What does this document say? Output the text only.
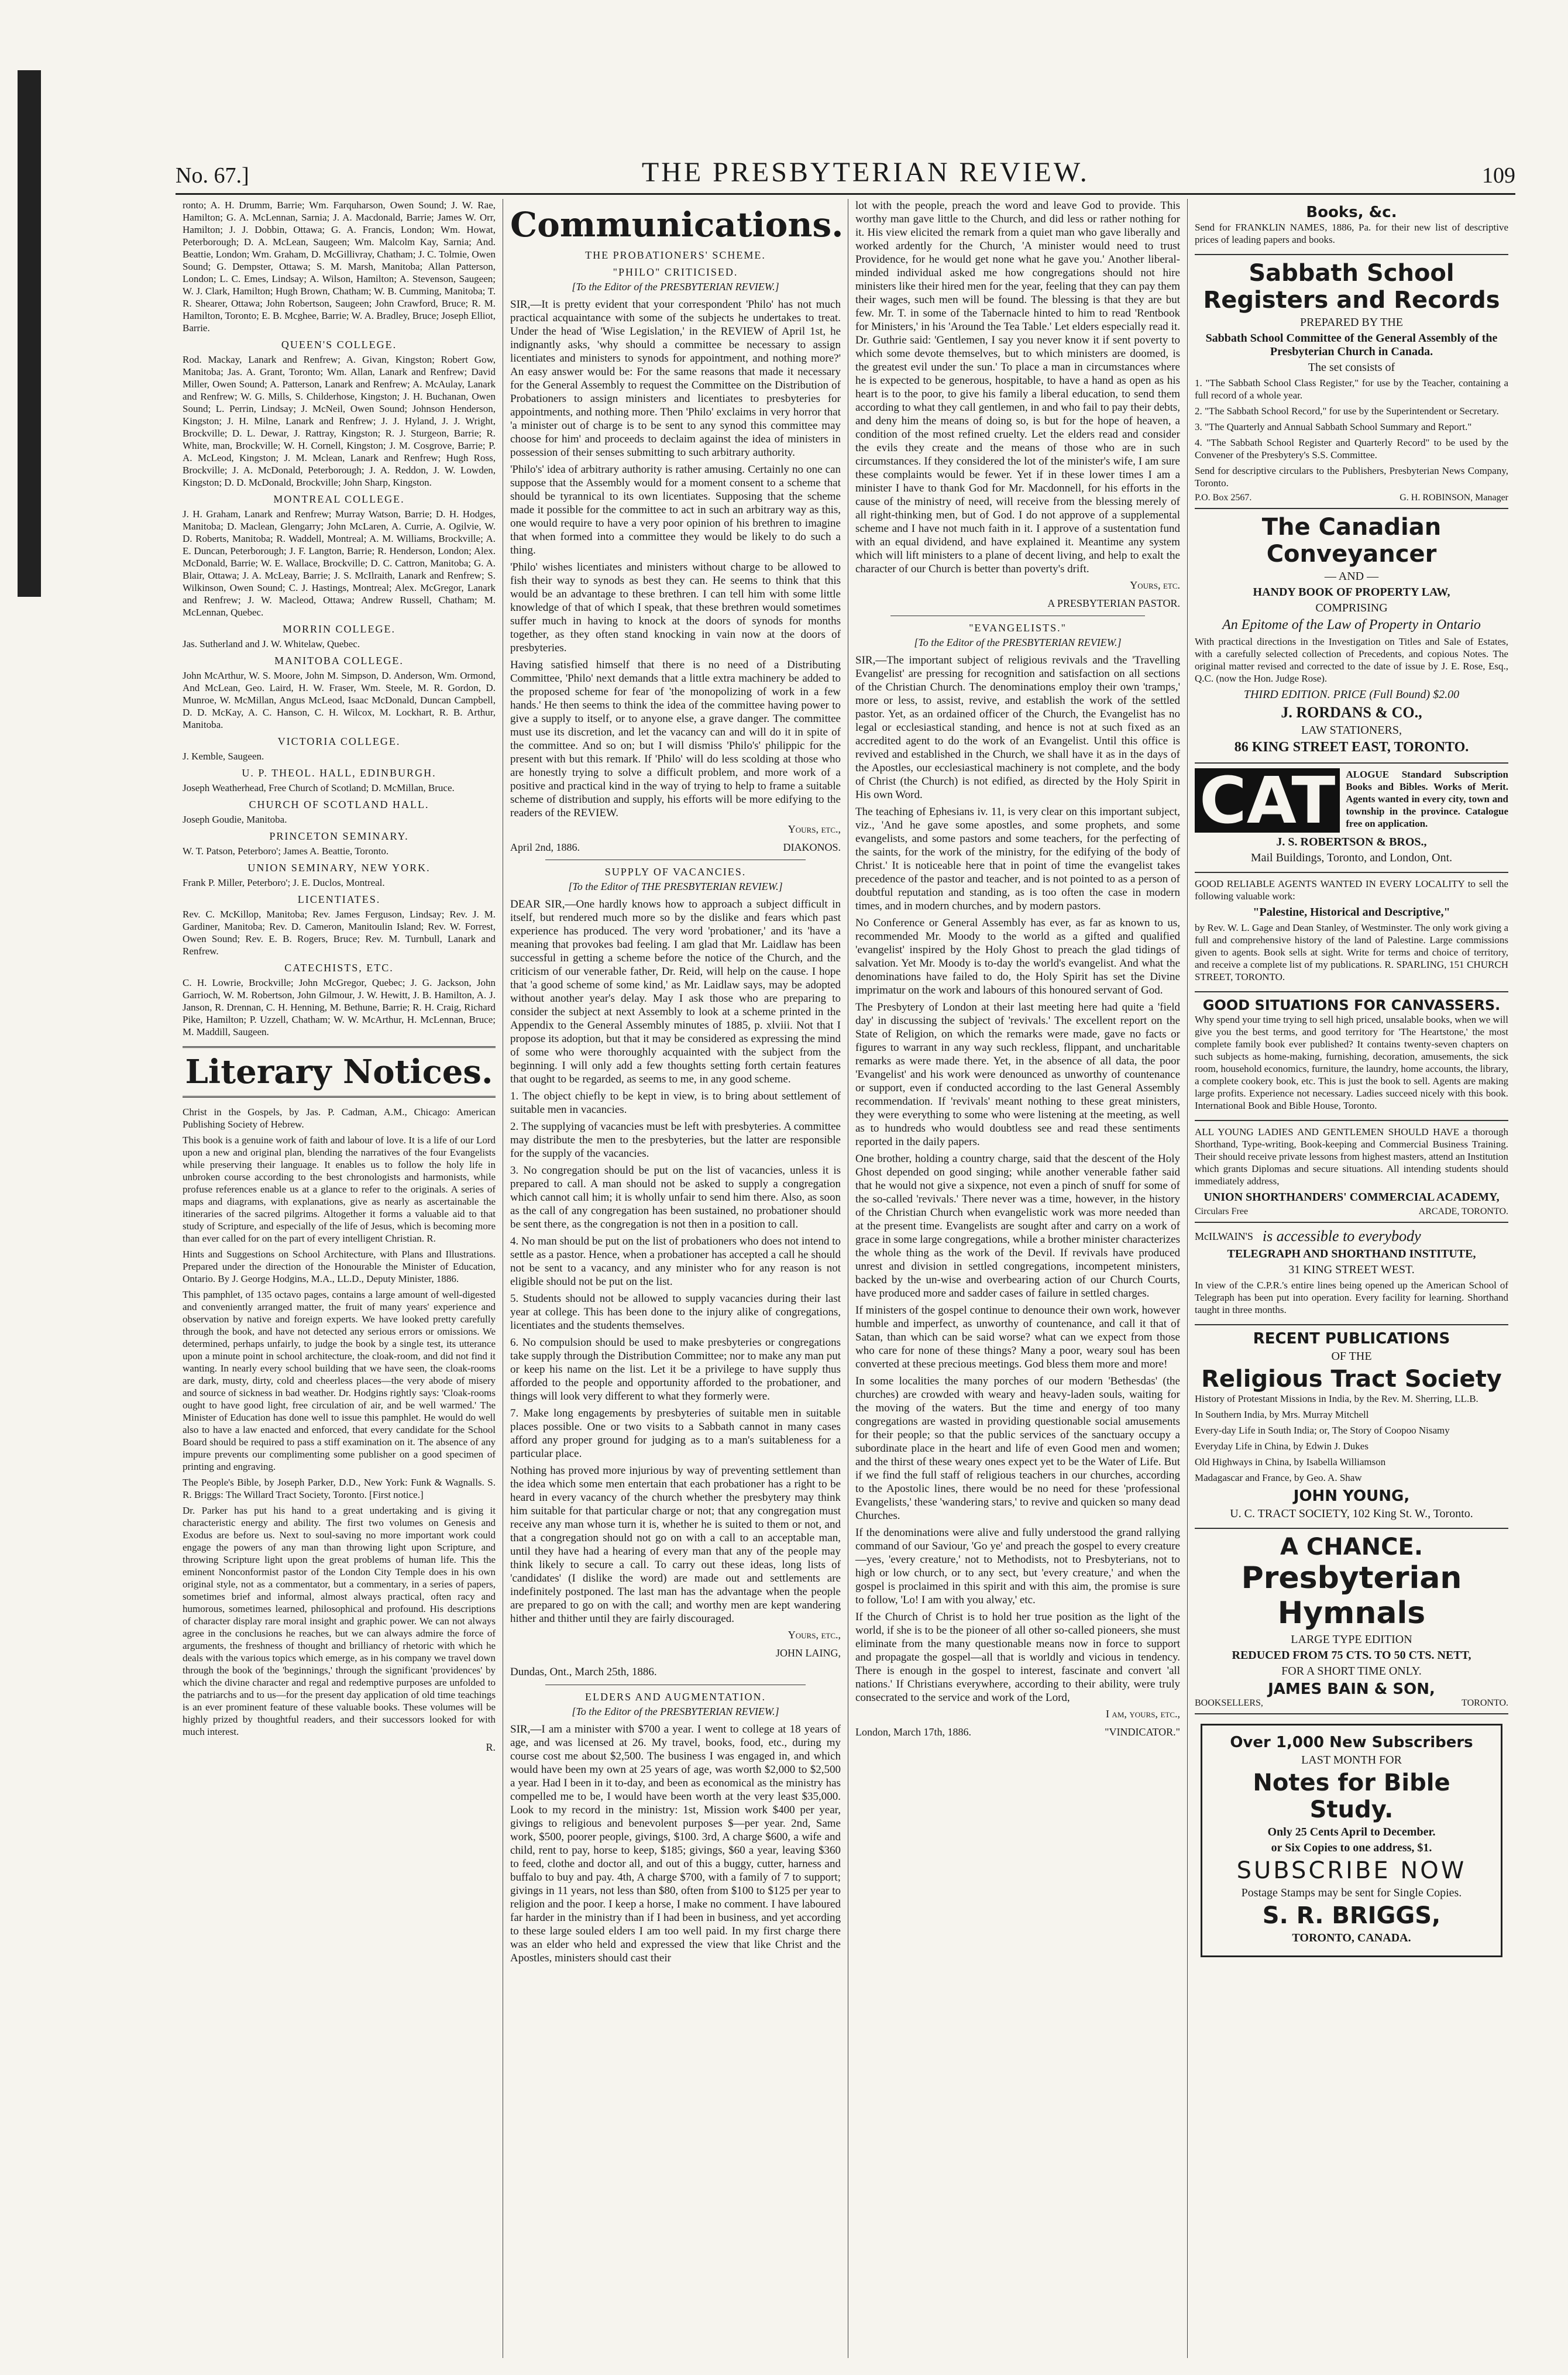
No. 67.]	THE PRESBYTERIAN REVIEW.	109

ronto; A. H. Drumm, Barrie; Wm. Farquharson, Owen Sound; J. W. Rae, Hamilton; G. A. McLennan, Sarnia; J. A. Macdonald, Barrie; James W. Orr, Hamilton; J. J. Dobbin, Ottawa; G. A. Francis, London; Wm. Howat, Peterborough; D. A. McLean, Saugeen; Wm. Malcolm Kay, Sarnia; And. Beattie, London; Wm. Graham, D. McGillivray, Chatham; J. C. Tolmie, Owen Sound; G. Dempster, Ottawa; S. M. Marsh, Manitoba; Allan Patterson, London; L. C. Emes, Lindsay; A. Wilson, Hamilton; A. Stevenson, Saugeen; W. J. Clark, Hamilton; Hugh Brown, Chatham; W. B. Cumming, Manitoba; T. R. Shearer, Ottawa; John Robertson, Saugeen; John Crawford, Bruce; R. M. Hamilton, Toronto; E. B. Mcghee, Barrie; W. A. Bradley, Bruce; Joseph Elliot, Barrie.

QUEEN'S COLLEGE.

Rod. Mackay, Lanark and Renfrew; A. Givan, Kingston; Robert Gow, Manitoba; Jas. A. Grant, Toronto; Wm. Allan, Lanark and Renfrew; David Miller, Owen Sound; A. Patterson, Lanark and Renfrew; A. McAulay, Lanark and Renfrew; W. G. Mills, S. Childerhose, Kingston; J. H. Buchanan, Owen Sound; L. Perrin, Lindsay; J. McNeil, Owen Sound; Johnson Henderson, Kingston; J. H. Milne, Lanark and Renfrew; J. J. Hyland, J. J. Wright, Brockville; D. L. Dewar, J. Rattray, Kingston; R. J. Sturgeon, Barrie; R. White, man, Brockville; W. H. Cornell, Kingston; J. M. Cosgrove, Barrie; P. A. McLeod, Kingston; J. M. Mclean, Lanark and Renfrew; Hugh Ross, Brockville; J. A. McDonald, Peterborough; J. A. Reddon, J. W. Lowden, Kingston; D. D. McDonald, Brockville; John Sharp, Kingston.

MONTREAL COLLEGE.

J. H. Graham, Lanark and Renfrew; Murray Watson, Barrie; D. H. Hodges, Manitoba; D. Maclean, Glengarry; John McLaren, A. Currie, A. Ogilvie, W. D. Roberts, Manitoba; R. Waddell, Montreal; A. M. Williams, Brockville; A. E. Duncan, Peterborough; J. F. Langton, Barrie; R. Henderson, London; Alex. McDonald, Barrie; W. E. Wallace, Brockville; D. C. Cattron, Manitoba; G. A. Blair, Ottawa; J. A. McLeay, Barrie; J. S. McIlraith, Lanark and Renfrew; S. Wilkinson, Owen Sound; C. J. Hastings, Montreal; Alex. McGregor, Lanark and Renfrew; J. W. Macleod, Ottawa; Andrew Russell, Chatham; M. McLennan, Quebec.

MORRIN COLLEGE.

Jas. Sutherland and J. W. Whitelaw, Quebec.

MANITOBA COLLEGE.

John McArthur, W. S. Moore, John M. Simpson, D. Anderson, Wm. Ormond, And McLean, Geo. Laird, H. W. Fraser, Wm. Steele, M. R. Gordon, D. Munroe, W. McMillan, Angus McLeod, Isaac McDonald, Duncan Campbell, D. D. McKay, A. C. Hanson, C. H. Wilcox, M. Lockhart, R. B. Arthur, Manitoba.

VICTORIA COLLEGE.

J. Kemble, Saugeen.

U. P. THEOL. HALL, EDINBURGH.

Joseph Weatherhead, Free Church of Scotland; D. McMillan, Bruce.

CHURCH OF SCOTLAND HALL.

Joseph Goudie, Manitoba.

PRINCETON SEMINARY.

W. T. Patson, Peterboro'; James A. Beattie, Toronto.

UNION SEMINARY, NEW YORK.

Frank P. Miller, Peterboro'; J. E. Duclos, Montreal.

LICENTIATES.

Rev. C. McKillop, Manitoba; Rev. James Ferguson, Lindsay; Rev. J. M. Gardiner, Manitoba; Rev. D. Cameron, Manitoulin Island; Rev. W. Forrest, Owen Sound; Rev. E. B. Rogers, Bruce; Rev. M. Turnbull, Lanark and Renfrew.

CATECHISTS, ETC.

C. H. Lowrie, Brockville; John McGregor, Quebec; J. G. Jackson, John Garrioch, W. M. Robertson, John Gilmour, J. W. Hewitt, J. B. Hamilton, A. J. Janson, R. Drennan, C. H. Henning, M. Bethune, Barrie; R. H. Craig, Richard Pike, Hamilton; P. Uzzell, Chatham; W. W. McArthur, H. McLennan, Bruce; M. Maddill, Saugeen.

Literary Notices.

Christ in the Gospels, by Jas. P. Cadman, A.M., Chicago: American Publishing Society of Hebrew.

This book is a genuine work of faith and labour of love. It is a life of our Lord upon a new and original plan, blending the narratives of the four Evangelists while preserving their language. It enables us to follow the holy life in unbroken course according to the best chronologists and harmonists, while profuse references enable us at a glance to refer to the originals. A series of maps and diagrams, with explanations, give as nearly as ascertainable the itineraries of the sacred pilgrims. Altogether it forms a valuable aid to that study of Scripture, and especially of the life of Jesus, which is becoming more than ever called for on the part of every intelligent Christian. R.

Hints and Suggestions on School Architecture, with Plans and Illustrations. Prepared under the direction of the Honourable the Minister of Education, Ontario. By J. George Hodgins, M.A., LL.D., Deputy Minister, 1886.

This pamphlet, of 135 octavo pages, contains a large amount of well-digested and conveniently arranged matter, the fruit of many years' experience and observation by native and foreign experts. We have looked pretty carefully through the book, and have not detected any serious errors or omissions. We determined, perhaps unfairly, to judge the book by a single test, its utterance upon a minute point in school architecture, the cloak-room, and did not find it wanting. In nearly every school building that we have seen, the cloak-rooms are dark, musty, dirty, cold and cheerless places—the very abode of misery and source of sickness in bad weather. Dr. Hodgins rightly says: 'Cloak-rooms ought to have good light, free circulation of air, and be well warmed.' The Minister of Education has done well to issue this pamphlet. He would do well also to have a law enacted and enforced, that every candidate for the School Board should be required to pass a stiff examination on it. The absence of any impure prevents our complimenting some publisher on a good specimen of printing and engraving.

The People's Bible, by Joseph Parker, D.D., New York: Funk & Wagnalls. S. R. Briggs: The Willard Tract Society, Toronto. [First notice.]

Dr. Parker has put his hand to a great undertaking and is giving it characteristic energy and ability. The first two volumes on Genesis and Exodus are before us. Next to soul-saving no more important work could engage the powers of any man than throwing light upon Scripture, and throwing Scripture light upon the great problems of human life. This the eminent Nonconformist pastor of the London City Temple does in his own original style, not as a commentator, but a commentary, in a series of papers, sometimes brief and informal, almost always practical, often racy and humorous, sometimes learned, philosophical and profound. His descriptions of character display rare moral insight and graphic power. We can not always agree in the conclusions he reaches, but we can always admire the force of arguments, the freshness of thought and brilliancy of rhetoric with which he deals with the various topics which emerge, as in his company we travel down through the book of the 'beginnings,' through the significant 'providences' by which the divine character and regal and redemptive purposes are unfolded to the patriarchs and to us—for the present day application of old time teachings is an ever prominent feature of these valuable books. These volumes will be highly prized by thoughtful readers, and their successors looked for with much interest.

R.
Communications.
THE PROBATIONERS' SCHEME.
"PHILO" CRITICISED.
[To the Editor of the PRESBYTERIAN REVIEW.]

SIR,—It is pretty evident that your correspondent 'Philo' has not much practical acquaintance with some of the subjects he undertakes to treat. Under the head of 'Wise Legislation,' in the REVIEW of April 1st, he indignantly asks, 'why should a committee be necessary to assign licentiates and ministers to synods for appointment, and nothing more?' An easy answer would be: For the same reasons that made it necessary for the General Assembly to request the Committee on the Distribution of Probationers to assign ministers and licentiates to presbyteries for appointments, and nothing more. Then 'Philo' exclaims in very horror that 'a minister out of charge is to be sent to any synod this committee may choose for him' and proceeds to declaim against the idea of ministers in possession of their senses submitting to such arbitrary authority.

'Philo's' idea of arbitrary authority is rather amusing. Certainly no one can suppose that the Assembly would for a moment consent to a scheme that should be tyrannical to its own licentiates. Supposing that the scheme made it possible for the committee to act in such an arbitrary way as this, one would require to have a very poor opinion of his brethren to imagine that when formed into a committee they would be likely to do such a thing.

'Philo' wishes licentiates and ministers without charge to be allowed to fish their way to synods as best they can. He seems to think that this would be an advantage to these brethren. I can tell him with some little knowledge of that of which I speak, that these brethren would sometimes suffer much in having to knock at the doors of synods for months together, as they often stand knocking in vain now at the doors of presbyteries.

Having satisfied himself that there is no need of a Distributing Committee, 'Philo' next demands that a little extra machinery be added to the proposed scheme for fear of 'the monopolizing of work in a few hands.' He then seems to think the idea of the committee having power to give a supply to itself, or to anyone else, a grave danger. The committee must use its discretion, and let the vacancy can and will do it in spite of the committee. And so on; but I will dismiss 'Philo's' philippic for the present with but this remark. If 'Philo' will do less scolding at those who are honestly trying to solve a difficult problem, and more work of a positive and practical kind in the way of trying to help to frame a suitable scheme of distribution and supply, his efforts will be more edifying to the readers of the REVIEW.

Yours, etc.,
April 2nd, 1886.	DIAKONOS.
SUPPLY OF VACANCIES.
[To the Editor of THE PRESBYTERIAN REVIEW.]

DEAR SIR,—One hardly knows how to approach a subject difficult in itself, but rendered much more so by the dislike and fears which past experience has produced. The very word 'probationer,' and its 'have a meaning that provokes bad feeling. I am glad that Mr. Laidlaw has been successful in getting a scheme before the notice of the Church, and the criticism of our venerable father, Dr. Reid, will help on the cause. I hope that 'a good scheme of some kind,' as Mr. Laidlaw says, may be adopted without another year's delay. May I ask those who are preparing to consider the subject at next Assembly to look at a scheme printed in the Appendix to the General Assembly minutes of 1885, p. xlviii. Not that I propose its adoption, but that it may be considered as expressing the mind of some who were thoroughly acquainted with the subject from the beginning. I will only add a few thoughts setting forth certain features that ought to be regarded, as seems to me, in any good scheme.

1. The object chiefly to be kept in view, is to bring about settlement of suitable men in vacancies.

2. The supplying of vacancies must be left with presbyteries. A committee may distribute the men to the presbyteries, but the latter are responsible for the supply of the vacancies.

3. No congregation should be put on the list of vacancies, unless it is prepared to call. A man should not be asked to supply a congregation which cannot call him; it is wholly unfair to send him there. Also, as soon as the call of any congregation has been sustained, no probationer should be sent there, as the congregation is not then in a position to call.

4. No man should be put on the list of probationers who does not intend to settle as a pastor. Hence, when a probationer has accepted a call he should not be sent to a vacancy, and any minister who for any reason is not eligible should not be put on the list.

5. Students should not be allowed to supply vacancies during their last year at college. This has been done to the injury alike of congregations, licentiates and the students themselves.

6. No compulsion should be used to make presbyteries or congregations take supply through the Distribution Committee; nor to make any man put or keep his name on the list. Let it be a privilege to have supply thus afforded to the people and opportunity afforded to the probationer, and things will look very different to what they formerly were.

7. Make long engagements by presbyteries of suitable men in suitable places possible. One or two visits to a Sabbath cannot in many cases afford any proper ground for judging as to a man's suitableness for a particular place.

Nothing has proved more injurious by way of preventing settlement than the idea which some men entertain that each probationer has a right to be heard in every vacancy of the church whether the presbytery may think him suitable for that particular charge or not; that any congregation must receive any man whose turn it is, whether he is suited to them or not, and that a congregation should not go on with a call to an acceptable man, until they have had a hearing of every man that any of the people may think likely to secure a call. To carry out these ideas, long lists of 'candidates' (I dislike the word) are made out and settlements are indefinitely postponed. The last man has the advantage when the people are prepared to go on with the call; and worthy men are kept wandering hither and thither until they are fairly discouraged.

Yours, etc.,
JOHN LAING,

Dundas, Ont., March 25th, 1886.

ELDERS AND AUGMENTATION.
[To the Editor of the PRESBYTERIAN REVIEW.]

SIR,—I am a minister with $700 a year. I went to college at 18 years of age, and was licensed at 26. My travel, books, food, etc., during my course cost me about $2,500. The business I was engaged in, and which would have been my own at 25 years of age, was worth $2,000 to $2,500 a year. Had I been in it to-day, and been as economical as the ministry has compelled me to be, I would have been worth at the very least $35,000. Look to my record in the ministry: 1st, Mission work $400 per year, givings to religious and benevolent purposes $—per year. 2nd, Same work, $500, poorer people, givings, $100. 3rd, A charge $600, a wife and child, rent to pay, horse to keep, $185; givings, $60 a year, leaving $360 to feed, clothe and doctor all, and out of this a buggy, cutter, harness and buffalo to buy and pay. 4th, A charge $700, with a family of 7 to support; givings in 11 years, not less than $80, often from $100 to $125 per year to religion and the poor. I keep a horse, I make no comment. I have laboured far harder in the ministry than if I had been in business, and yet according to these large souled elders I am too well paid. In my first charge there was an elder who held and expressed the view that like Christ and the Apostles, ministers should cast their

lot with the people, preach the word and leave God to provide. This worthy man gave little to the Church, and did less or rather nothing for it. His view elicited the remark from a quiet man who gave liberally and worked ardently for the Church, 'A minister would need to trust Providence, for he would get none what he gave you.' Another liberal-minded individual asked me how congregations should not hire ministers like their hired men for the year, feeling that they can pay them their wages, such men will be found. The blessing is that they are but few. Mr. T. in some of the Tabernacle hinted to him to read 'Rentbook for Ministers,' in his 'Around the Tea Table.' Let elders especially read it. Dr. Guthrie said: 'Gentlemen, I say you never know it if sent poverty to which some devote themselves, but to which ministers are doomed, is the greatest evil under the sun.' To place a man in circumstances where he is expected to be generous, hospitable, to have a hand as open as his heart is to the poor, to give his family a liberal education, to send them according to what they call gentlemen, in and who fail to pay their debts, and deny him the means of doing so, is but for the hope of heaven, a condition of the most refined cruelty. Let the elders read and consider the evils they create and the means of those who are in such circumstances. If they considered the lot of the minister's wife, I am sure these complaints would be fewer. Yet if in these lower times I am a minister I have to thank God for Mr. Macdonnell, for his efforts in the cause of the ministry of need, will receive from the blessing merely of all right-thinking men, but of God. I do not approve of a supplemental scheme and I have not much faith in it. I approve of a sustentation fund with an equal dividend, and have explained it. Meantime any system which will lift ministers to a plane of decent living, and help to exalt the character of our Church is better than poverty's drift.

Yours, etc.
A PRESBYTERIAN PASTOR.
"EVANGELISTS."
[To the Editor of the PRESBYTERIAN REVIEW.]

SIR,—The important subject of religious revivals and the 'Travelling Evangelist' are pressing for recognition and satisfaction on all sections of the Christian Church. The denominations employ their own 'tramps,' more or less, to assist, revive, and establish the work of the settled pastor. Yet, as an ordained officer of the Church, the Evangelist has no legal or ecclesiastical standing, and hence is not at such fixed as an accredited agent to do the work of an Evangelist. Until this office is revived and established in the Church, we shall have it as in the days of the Apostles, our ecclesiastical machinery is not complete, and the body of Christ (the Church) is not edified, as directed by the Holy Spirit in His own Word.

The teaching of Ephesians iv. 11, is very clear on this important subject, viz., 'And he gave some apostles, and some prophets, and some evangelists, and some pastors and some teachers, for the perfecting of the saints, for the work of the ministry, for the edifying of the body of Christ.' It is noticeable here that in point of time the evangelist takes precedence of the pastor and teacher, and is not pointed to as a person of doubtful reputation and standing, as is too often the case in modern times, and in modern churches, and by modern pastors.

No Conference or General Assembly has ever, as far as known to us, recommended Mr. Moody to the world as a gifted and qualified 'evangelist' inspired by the Holy Ghost to preach the glad tidings of salvation. Yet Mr. Moody is to-day the world's evangelist. And what the denominations have failed to do, the Holy Spirit has set the Divine imprimatur on the work and labours of this honoured servant of God.

The Presbytery of London at their last meeting here had quite a 'field day' in discussing the subject of 'revivals.' The excellent report on the State of Religion, on which the remarks were made, gave no facts or figures to warrant in any way such reckless, flippant, and uncharitable remarks as were made there. Yet, in the absence of all data, the poor 'Evangelist' and his work were denounced as unworthy of countenance or support, even if conducted according to the last General Assembly recommendation. If 'revivals' meant nothing to these great ministers, they were everything to some who were listening at the meeting, as well as to hundreds who would doubtless see and read these sentiments reported in the daily papers.

One brother, holding a country charge, said that the descent of the Holy Ghost depended on good singing; while another venerable father said that he would not give a sixpence, not even a pinch of snuff for some of the so-called 'revivals.' There never was a time, however, in the history of the Christian Church when evangelistic work was more needed than at the present time. Evangelists are sought after and carry on a work of grace in some large congregations, while a brother minister characterizes the whole thing as the work of the Devil. If revivals have produced unrest and division in settled congregations, incompetent ministers, backed by the un-wise and overbearing action of our Church Courts, have produced more and sadder cases of failure in settled charges.

If ministers of the gospel continue to denounce their own work, however humble and imperfect, as unworthy of countenance, and call it that of Satan, than which can be said worse? what can we expect from those who care for none of these things? Many a poor, weary soul has been converted at these precious meetings. God bless them more and more!

In some localities the many porches of our modern 'Bethesdas' (the churches) are crowded with weary and heavy-laden souls, waiting for the moving of the waters. But the time and energy of too many congregations are wasted in providing questionable social amusements for their people; so that the public services of the sanctuary occupy a subordinate place in the heart and life of even Good men and women; and the thirst of these weary ones expect yet to be the Water of Life. But if we find the full staff of religious teachers in our churches, according to the Apostolic lines, there would be no need for these 'professional Evangelists,' these 'wandering stars,' to revive and quicken so many dead Churches.

If the denominations were alive and fully understood the grand rallying command of our Saviour, 'Go ye' and preach the gospel to every creature—yes, 'every creature,' not to Methodists, not to Presbyterians, not to high or low church, or to any sect, but 'every creature,' and when the gospel is proclaimed in this spirit and with this aim, the promise is sure to follow, 'Lo! I am with you alway,' etc.

If the Church of Christ is to hold her true position as the light of the world, if she is to be the pioneer of all other so-called pioneers, she must eliminate from the many questionable means now in force to support and propagate the gospel—all that is worldly and vicious in tendency. There is enough in the gospel to interest, fascinate and convert 'all nations.' If Christians everywhere, according to their ability, were truly consecrated to the service and work of the Lord,

I am, yours, etc.,
London, March 17th, 1886.	"VINDICATOR."
Books, &c.

Send for FRANKLIN NAMES, 1886, Pa. for their new list of descriptive prices of leading papers and books.

Sabbath School Registers and Records
PREPARED BY THE
Sabbath School Committee of the General Assembly of the Presbyterian Church in Canada.
The set consists of

1. "The Sabbath School Class Register," for use by the Teacher, containing a full record of a whole year.

2. "The Sabbath School Record," for use by the Superintendent or Secretary.

3. "The Quarterly and Annual Sabbath School Summary and Report."

4. "The Sabbath School Register and Quarterly Record" to be used by the Convener of the Presbytery's S.S. Committee.

Send for descriptive circulars to the Publishers, Presbyterian News Company, Toronto.

P.O. Box 2567.	G. H. ROBINSON, Manager
The Canadian Conveyancer
— AND —
HANDY BOOK OF PROPERTY LAW,
COMPRISING
An Epitome of the Law of Property in Ontario

With practical directions in the Investigation on Titles and Sale of Estates, with a carefully selected collection of Precedents, and copious Notes. The original matter revised and corrected to the date of issue by J. E. Rose, Esq., Q.C. (now the Hon. Judge Rose).

THIRD EDITION. PRICE (Full Bound) $2.00
J. RORDANS & CO.,
LAW STATIONERS,
86 KING STREET EAST, TORONTO.
CAT	ALOGUE Standard Subscription Books and Bibles. Works of Merit. Agents wanted in every city, town and township in the province. Catalogue free on application.

J. S. ROBERTSON & BROS.,
Mail Buildings, Toronto, and London, Ont.

GOOD RELIABLE AGENTS WANTED IN EVERY LOCALITY to sell the following valuable work:

"Palestine, Historical and Descriptive,"

by Rev. W. L. Gage and Dean Stanley, of Westminster. The only work giving a full and comprehensive history of the land of Palestine. Large commissions given to agents. Book sells at sight. Write for terms and choice of territory, and receive a complete list of my publications. R. SPARLING, 151 CHURCH STREET, TORONTO.

GOOD SITUATIONS FOR CANVASSERS.

Why spend your time trying to sell high priced, unsalable books, when we will give you the best terms, and good territory for 'The Heartstone,' the most complete family book ever published? It contains twenty-seven chapters on such subjects as home-making, furnishing, decoration, amusements, the sick room, household economics, furniture, the laundry, home accounts, the library, a complete cookery book, etc. This is just the book to sell. Agents are making large profits. Experience not necessary. Ladies succeed nicely with this book. International Book and Bible House, Toronto.

ALL YOUNG LADIES AND GENTLEMEN SHOULD HAVE a thorough Shorthand, Type-writing, Book-keeping and Commercial Business Training. Their should receive private lessons from highest masters, attend an Institution which grants Diplomas and secure situations. All intending students should immediately address,

UNION SHORTHANDERS' COMMERCIAL ACADEMY,
Circulars Free	ARCADE, TORONTO.
McILWAIN'S is accessible to everybody
TELEGRAPH AND SHORTHAND INSTITUTE,
31 KING STREET WEST.

In view of the C.P.R.'s entire lines being opened up the American School of Telegraph has been put into operation. Every facility for learning. Shorthand taught in three months.

RECENT PUBLICATIONS
OF THE
Religious Tract Society

History of Protestant Missions in India, by the Rev. M. Sherring, LL.B.

In Southern India, by Mrs. Murray Mitchell

Every-day Life in South India; or, The Story of Coopoo Nisamy

Everyday Life in China, by Edwin J. Dukes

Old Highways in China, by Isabella Williamson

Madagascar and France, by Geo. A. Shaw

JOHN YOUNG,
U. C. TRACT SOCIETY, 102 King St. W., Toronto.
A CHANCE.
Presbyterian Hymnals
LARGE TYPE EDITION
REDUCED FROM 75 CTS. TO 50 CTS. NETT,
FOR A SHORT TIME ONLY.
JAMES BAIN & SON,
BOOKSELLERS,	TORONTO.
Over 1,000 New Subscribers
LAST MONTH FOR
Notes for Bible Study.
Only 25 Cents April to December.
or Six Copies to one address, $1.
SUBSCRIBE NOW
Postage Stamps may be sent for Single Copies.
S. R. BRIGGS,
TORONTO, CANADA.
